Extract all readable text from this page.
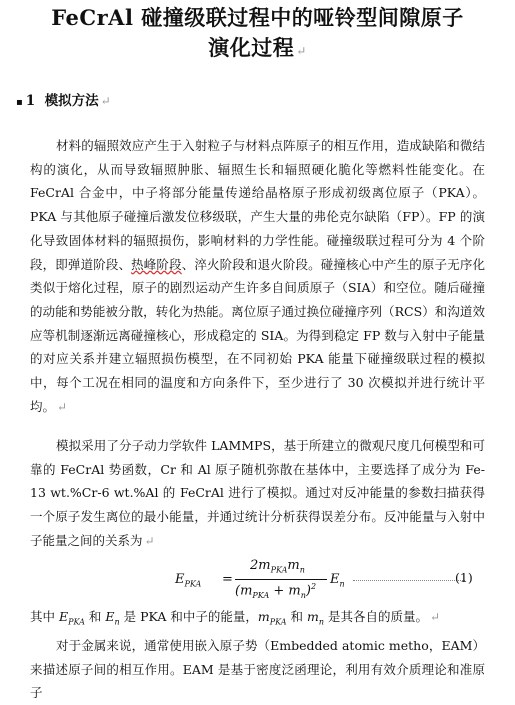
FeCrAl 碰撞级联过程中的哑铃型间隙原子
演化过程 ↵
▪ 1 模拟方法 ↵

材料的辐照效应产生于入射粒子与材料点阵原子的相互作用，造成缺陷和微结构的演化，从而导致辐照肿胀、辐照生长和辐照硬化脆化等燃料性能变化。在 FeCrAl 合金中，中子将部分能量传递给晶格原子形成初级离位原子（PKA）。PKA 与其他原子碰撞后激发位移级联，产生大量的弗伦克尔缺陷（FP）。FP 的演化导致固体材料的辐照损伤，影响材料的力学性能。碰撞级联过程可分为 4 个阶段，即弹道阶段、热峰阶段、淬火阶段和退火阶段。碰撞核心中产生的原子无序化类似于熔化过程，原子的剧烈运动产生许多自间质原子（SIA）和空位。随后碰撞的动能和势能被分散，转化为热能。离位原子通过换位碰撞序列（RCS）和沟道效应等机制逐渐远离碰撞核心，形成稳定的 SIA。为得到稳定 FP 数与入射中子能量的对应关系并建立辐照损伤模型，在不同初始 PKA 能量下碰撞级联过程的模拟中，每个工况在相同的温度和方向条件下，至少进行了 30 次模拟并进行统计平均。 ↵

模拟采用了分子动力学软件 LAMMPS，基于所建立的微观尺度几何模型和可靠的 FeCrAl 势函数，Cr 和 Al 原子随机弥散在基体中，主要选择了成分为 Fe-13 wt.%Cr-6 wt.%Al 的 FeCrAl 进行了模拟。通过对反冲能量的参数扫描获得一个原子发生离位的最小能量，并通过统计分析获得误差分布。反冲能量与入射中子能量之间的关系为 ↵

$E_{PKA}$ =
$2m_{PKA}m_n$
$(m_{PKA} + m_n)^2$ $E_n$	(1)

其中 $E_{PKA}$ 和 $E_n$ 是 PKA 和中子的能量，$m_{PKA}$ 和 $m_n$ 是其各自的质量。 ↵

对于金属来说，通常使用嵌入原子势（Embedded atomic metho，EAM）来描述原子间的相互作用。EAM 是基于密度泛函理论，利用有效介质理论和准原子
